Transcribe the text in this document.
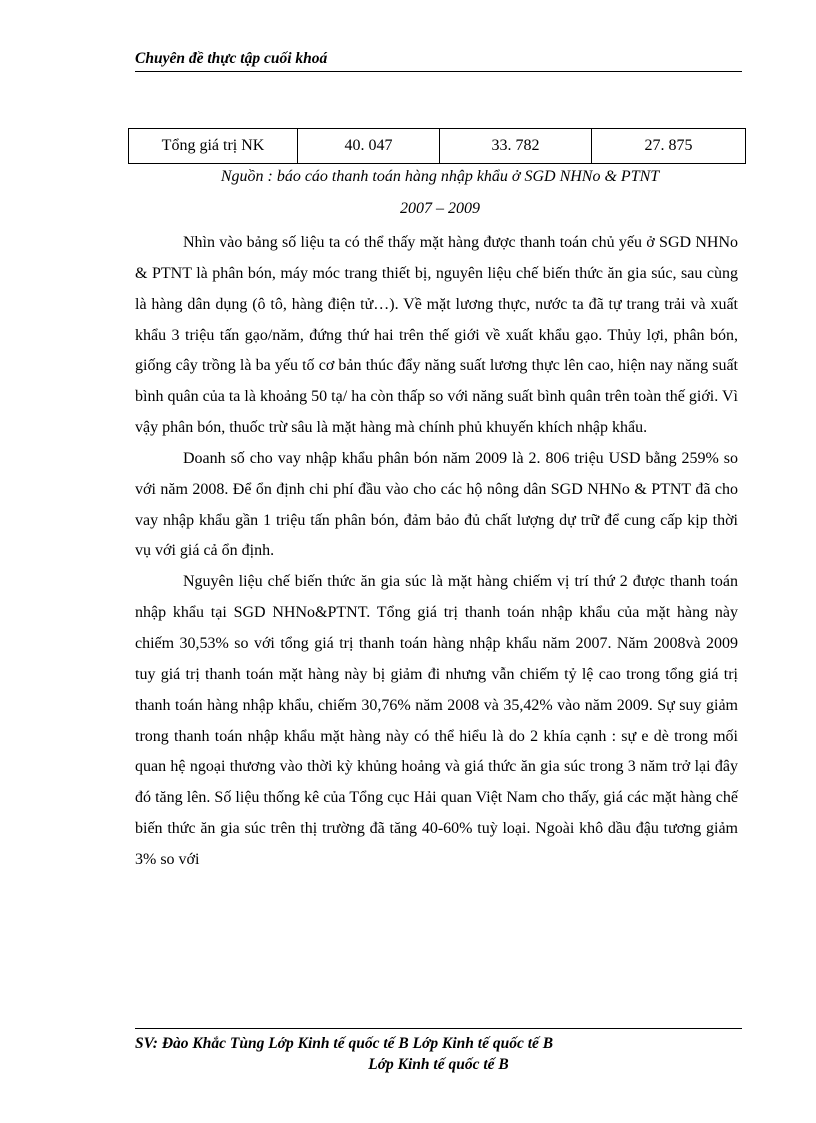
Chuyên đề thực tập cuối khoá
Tổng giá trị NK	40. 047	33. 782	27. 875
Nguồn : báo cáo thanh toán hàng nhập khẩu ở SGD NHNo & PTNT
2007 – 2009

Nhìn vào bảng số liệu ta có thể thấy mặt hàng được thanh toán chủ yếu ở SGD NHNo & PTNT là phân bón, máy móc trang thiết bị, nguyên liệu chế biến thức ăn gia súc, sau cùng là hàng dân dụng (ô tô, hàng điện tử…). Về mặt lương thực, nước ta đã tự trang trải và xuất khẩu 3 triệu tấn gạo/năm, đứng thứ hai trên thế giới về xuất khẩu gạo. Thủy lợi, phân bón, giống cây trồng là ba yếu tố cơ bản thúc đẩy năng suất lương thực lên cao, hiện nay năng suất bình quân của ta là khoảng 50 tạ/ ha còn thấp so với năng suất bình quân trên toàn thế giới. Vì vậy phân bón, thuốc trừ sâu là mặt hàng mà chính phủ khuyến khích nhập khẩu.

Doanh số cho vay nhập khẩu phân bón năm 2009 là 2. 806 triệu USD bằng 259% so với năm 2008. Để ổn định chi phí đầu vào cho các hộ nông dân SGD NHNo & PTNT đã cho vay nhập khẩu gần 1 triệu tấn phân bón, đảm bảo đủ chất lượng dự trữ để cung cấp kịp thời vụ với giá cả ổn định.

Nguyên liệu chế biến thức ăn gia súc là mặt hàng chiếm vị trí thứ 2 được thanh toán nhập khẩu tại SGD NHNo&PTNT. Tổng giá trị thanh toán nhập khẩu của mặt hàng này chiếm 30,53% so với tổng giá trị thanh toán hàng nhập khẩu năm 2007. Năm 2008và 2009 tuy giá trị thanh toán mặt hàng này bị giảm đi nhưng vẫn chiếm tỷ lệ cao trong tổng giá trị thanh toán hàng nhập khẩu, chiếm 30,76% năm 2008 và 35,42% vào năm 2009. Sự suy giảm trong thanh toán nhập khẩu mặt hàng này có thể hiểu là do 2 khía cạnh : sự e dè trong mối quan hệ ngoại thương vào thời kỳ khủng hoảng và giá thức ăn gia súc trong 3 năm trở lại đây đó tăng lên. Số liệu thống kê của Tổng cục Hải quan Việt Nam cho thấy, giá các mặt hàng chế biến thức ăn gia súc trên thị trường đã tăng 40-60% tuỳ loại. Ngoài khô dầu đậu tương giảm 3% so với

SV: Đào Khắc Tùng Lớp Kinh tế quốc tế B Lớp Kinh tế quốc tế B
Lớp Kinh tế quốc tế B
